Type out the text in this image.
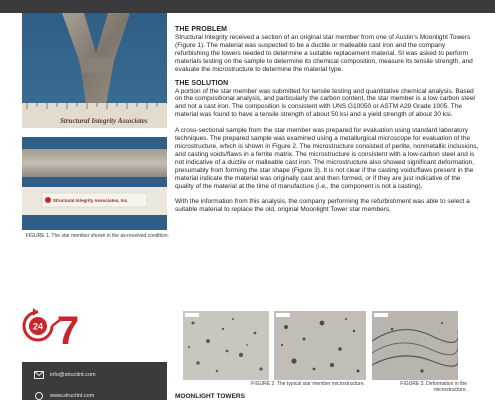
Structural Integrity Associates
Structural Integrity Associates, Inc.
FIGURE 1. The star member shown in the as-received condition.
24 7
info@structint.com
www.structint.com
THE PROBLEM
Structural Integrity received a section of an original star member from one of Austin's Moonlight Towers (Figure 1). The material was suspected to be a ductile or malleable cast iron and the company refurbishing the towers needed to determine a suitable replacement material. SI was asked to perform materials testing on the sample to determine its chemical composition, measure its tensile strength, and evaluate the microstructure to determine the material type.
THE SOLUTION
A portion of the star member was submitted for tensile testing and quantitative chemical analysis. Based on the compositional analysis, and particularly the carbon content, the star member is a low carbon steel and not a cast iron. The composition is consistent with UNS G10050 or ASTM A29 Grade 1005. The material was found to have a tensile strength of about 50 ksi and a yield strength of about 30 ksi.
A cross-sectional sample from the star member was prepared for evaluation using standard laboratory techniques. The prepared sample was examined using a metallurgical microscope for evaluation of the microstructure, which is shown in Figure 2. The microstructure consisted of perlite, nonmetallic inclusions, and casting voids/flaws in a ferrite matrix. The microstructure is consistent with a low-carbon steel and is not indicative of a ductile or malleable cast iron. The microstructure also showed significant deformation, presumably from forming the star shape (Figure 3). It is not clear if the casting voids/flaws present in the material indicate the material was originally cast and then formed, or if they are just indicative of the quality of the material at the time of manufacture (i.e., the component is not a casting).
With the information from this analysis, the company performing the refurbishment was able to select a suitable material to replace the old, original Moonlight Tower star members.
FIGURE 2. The typical star member microstructure.	FIGURE 3. Deformation in the microstructure.
MOONLIGHT TOWERS
